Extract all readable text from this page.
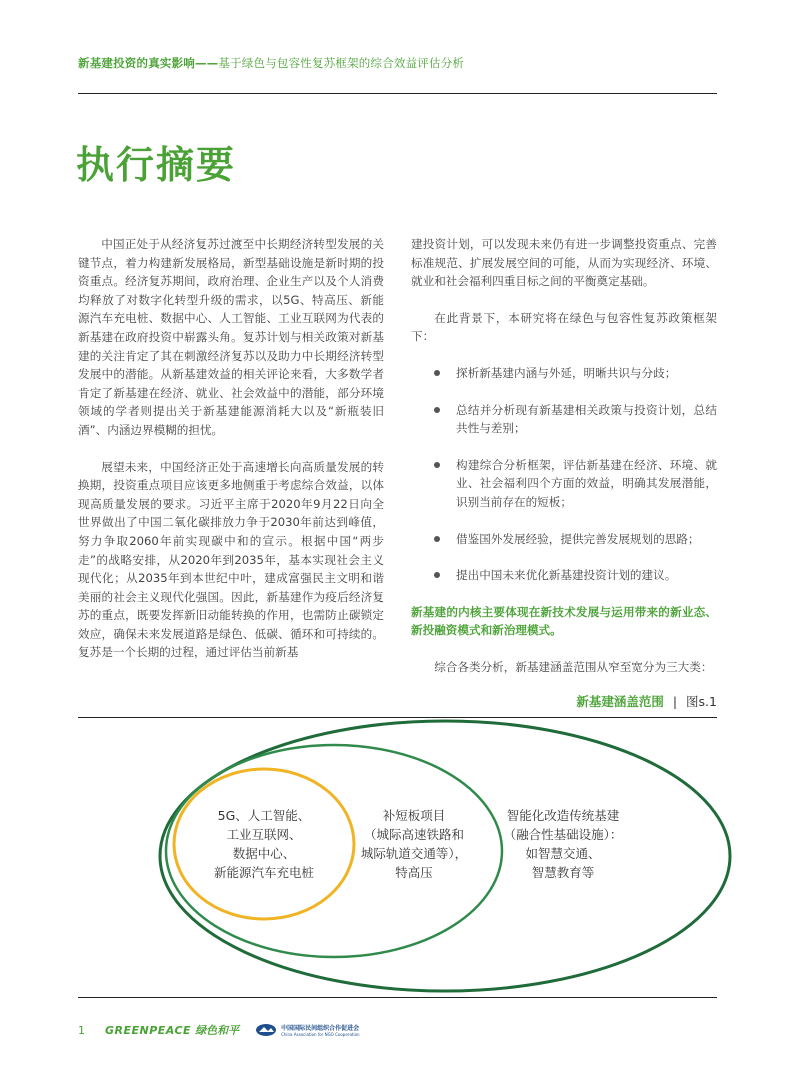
新基建投资的真实影响——基于绿色与包容性复苏框架的综合效益评估分析
执行摘要

中国正处于从经济复苏过渡至中长期经济转型发展的关键节点，着力构建新发展格局，新型基础设施是新时期的投资重点。经济复苏期间，政府治理、企业生产以及个人消费均释放了对数字化转型升级的需求，以5G、特高压、新能源汽车充电桩、数据中心、人工智能、工业互联网为代表的新基建在政府投资中崭露头角。复苏计划与相关政策对新基建的关注肯定了其在刺激经济复苏以及助力中长期经济转型发展中的潜能。从新基建效益的相关评论来看，大多数学者肯定了新基建在经济、就业、社会效益中的潜能，部分环境领域的学者则提出关于新基建能源消耗大以及“新瓶装旧酒”、内涵边界模糊的担忧。

展望未来，中国经济正处于高速增长向高质量发展的转换期，投资重点项目应该更多地侧重于考虑综合效益，以体现高质量发展的要求。习近平主席于2020年9月22日向全世界做出了中国二氧化碳排放力争于2030年前达到峰值，努力争取2060年前实现碳中和的宣示。根据中国“两步走”的战略安排，从2020年到2035年，基本实现社会主义现代化；从2035年到本世纪中叶，建成富强民主文明和谐美丽的社会主义现代化强国。因此，新基建作为疫后经济复苏的重点，既要发挥新旧动能转换的作用，也需防止碳锁定效应，确保未来发展道路是绿色、低碳、循环和可持续的。复苏是一个长期的过程，通过评估当前新基

建投资计划，可以发现未来仍有进一步调整投资重点、完善标准规范、扩展发展空间的可能，从而为实现经济、环境、就业和社会福利四重目标之间的平衡奠定基础。

在此背景下，本研究将在绿色与包容性复苏政策框架下：

探析新基建内涵与外延，明晰共识与分歧；
总结并分析现有新基建相关政策与投资计划，总结共性与差别；
构建综合分析框架，评估新基建在经济、环境、就业、社会福利四个方面的效益，明确其发展潜能，识别当前存在的短板；
借鉴国外发展经验，提供完善发展规划的思路；
提出中国未来优化新基建投资计划的建议。

新基建的内核主要体现在新技术发展与运用带来的新业态、新投融资模式和新治理模式。

综合各类分析，新基建涵盖范围从窄至宽分为三大类：

新基建涵盖范围 | 图s.1
5G、人工智能、
工业互联网、
数据中心、
新能源汽车充电桩
补短板项目
（城际高速铁路和
城际轨道交通等），
特高压
智能化改造传统基建
（融合性基础设施）：
如智慧交通、
智慧教育等
1 GREENPEACE 绿色和平	中国国际民间组织合作促进会
China Association for NGO Cooperation
